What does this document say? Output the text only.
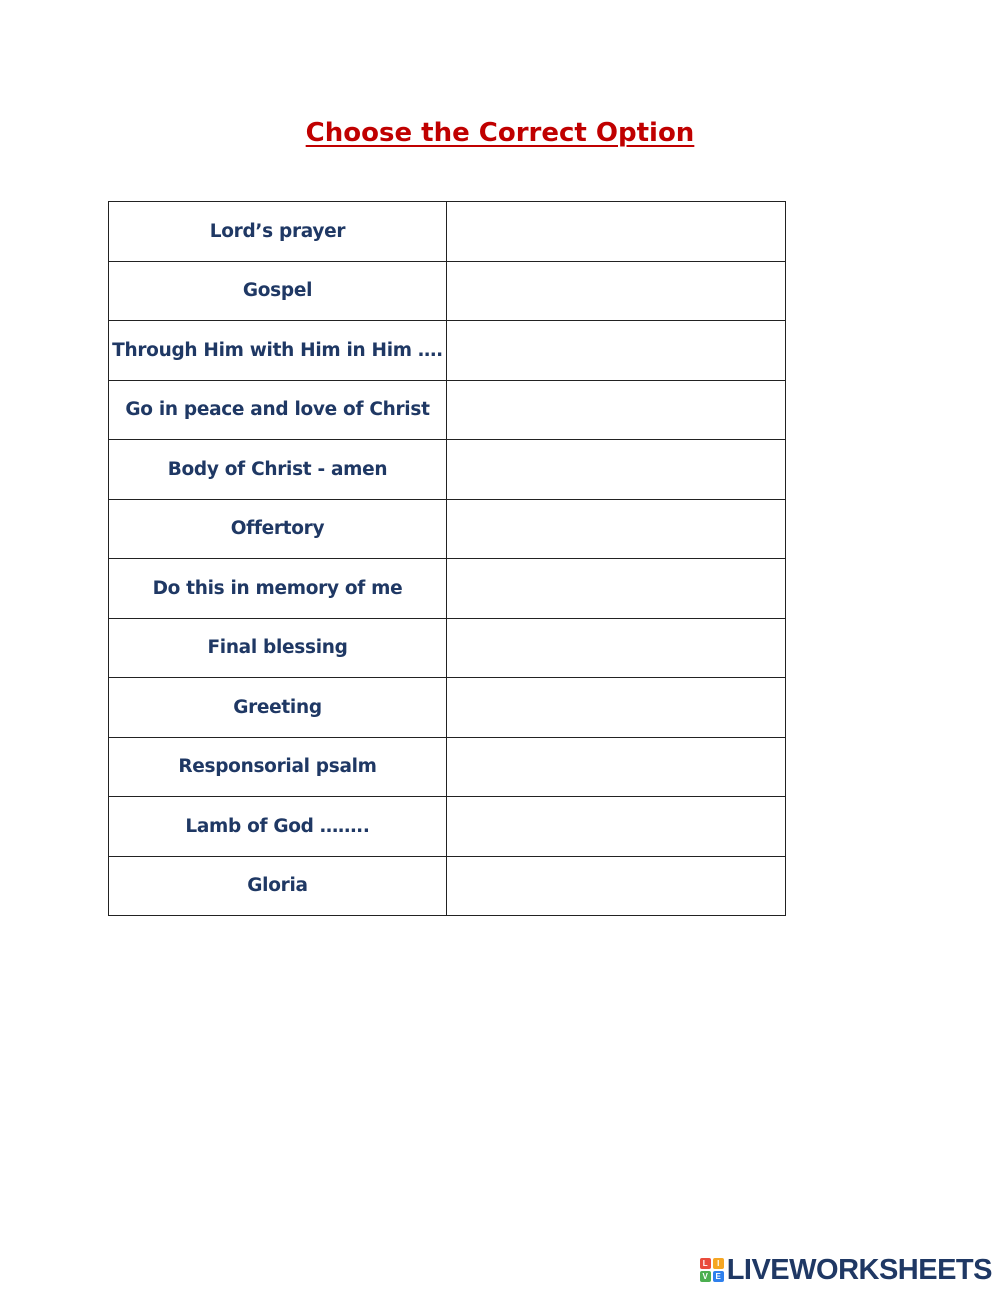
Choose the Correct Option
Lord’s prayer	
Gospel	
Through Him with Him in Him ….	
Go in peace and love of Christ	
Body of Christ - amen	
Offertory	
Do this in memory of me	
Final blessing	
Greeting	
Responsorial psalm	
Lamb of God ……..	
Gloria	
L	I
V E LIVEWORKSHEETS
